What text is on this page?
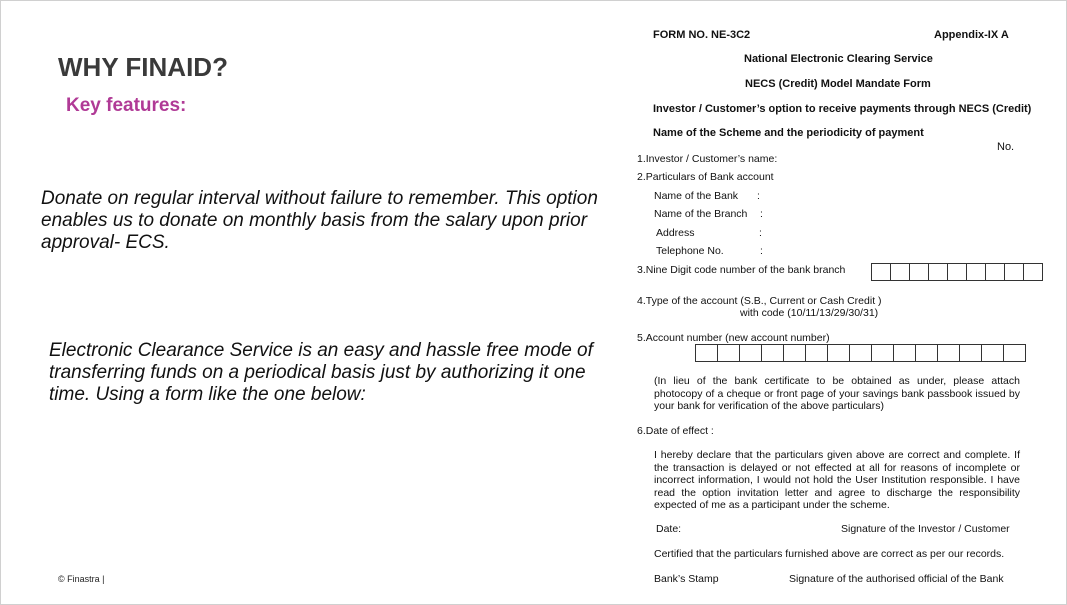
WHY FINAID?
Key features:
Donate on regular interval without failure to remember. This option enables us to donate on monthly basis from the salary upon prior approval- ECS.
Electronic Clearance Service is an easy and hassle free mode of transferring funds on a periodical basis just by authorizing it one time. Using a form like the one below:
© Finastra |
FORM NO. NE-3C2	Appendix-IX A
National Electronic Clearing Service
NECS (Credit) Model Mandate Form
Investor / Customer’s option to receive payments through NECS (Credit)
Name of the Scheme and the periodicity of payment
No.
1.Investor / Customer’s name:
2.Particulars of Bank account
Name of the Bank :
Name of the Branch :
Address	:
Telephone No.	:
3.Nine Digit code number of the bank branch
4.Type of the account (S.B., Current or Cash Credit )
with code (10/11/13/29/30/31)
5.Account number (new account number)
(In lieu of the bank certificate to be obtained as under, please attach photocopy of a cheque or front page of your savings bank passbook issued by your bank for verification of the above particulars)
6.Date of effect :
I hereby declare that the particulars given above are correct and complete. If the transaction is delayed or not effected at all for reasons of incomplete or incorrect information, I would not hold the User Institution responsible. I have read the option invitation letter and agree to discharge the responsibility expected of me as a participant under the scheme.
Date:	Signature of the Investor / Customer
Certified that the particulars furnished above are correct as per our records.
Bank’s Stamp	Signature of the authorised official of the Bank
